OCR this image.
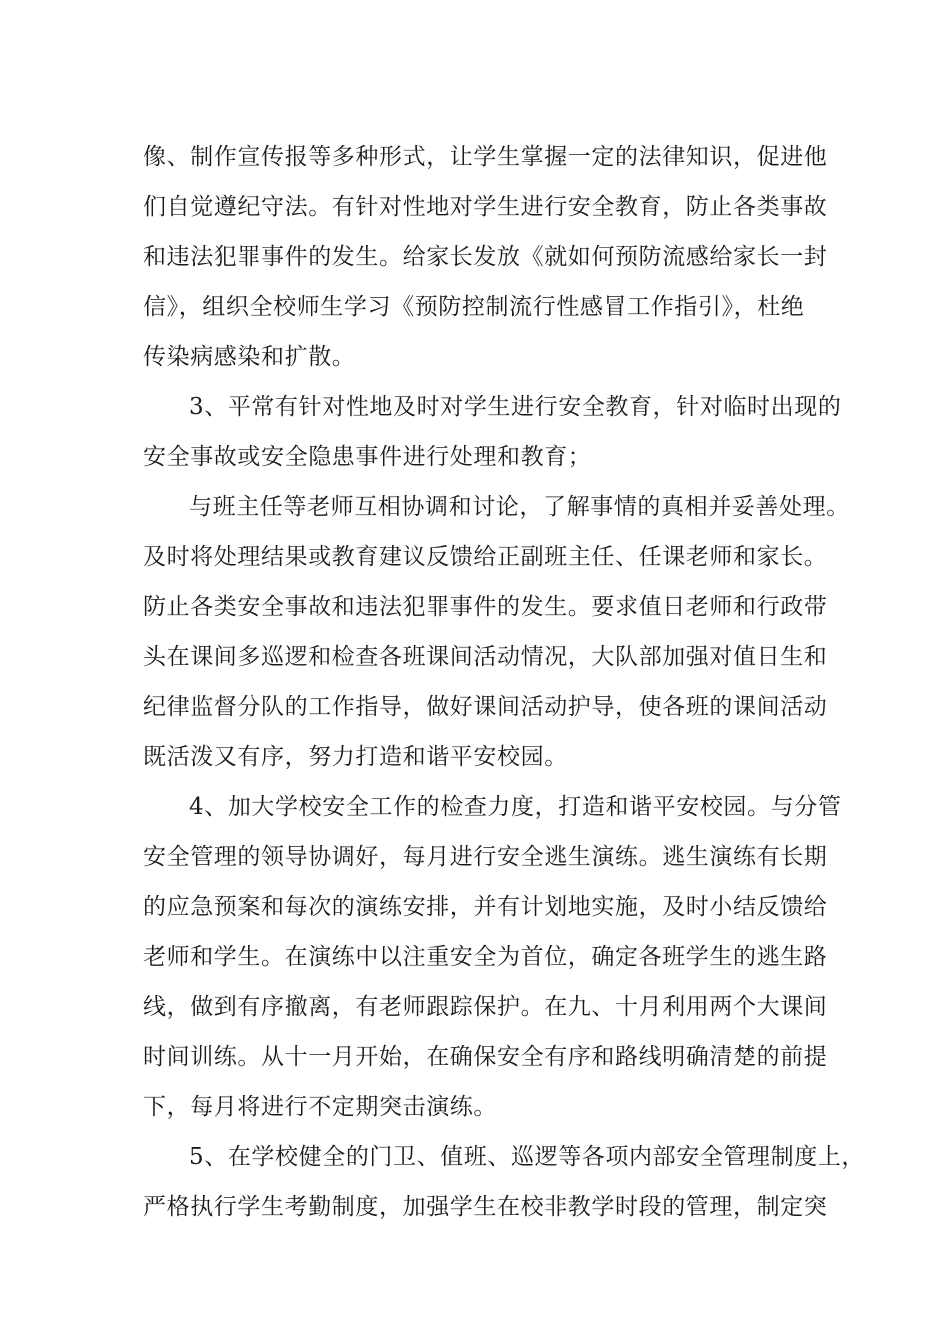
像、制作宣传报等多种形式，让学生掌握一定的法律知识，促进他
们自觉遵纪守法。有针对性地对学生进行安全教育，防止各类事故
和违法犯罪事件的发生。给家长发放《就如何预防流感给家长一封
信》，组织全校师生学习《预防控制流行性感冒工作指引》，杜绝
传染病感染和扩散。
3、平常有针对性地及时对学生进行安全教育，针对临时出现的
安全事故或安全隐患事件进行处理和教育；
与班主任等老师互相协调和讨论，了解事情的真相并妥善处理。
及时将处理结果或教育建议反馈给正副班主任、任课老师和家长。
防止各类安全事故和违法犯罪事件的发生。要求值日老师和行政带
头在课间多巡逻和检查各班课间活动情况，大队部加强对值日生和
纪律监督分队的工作指导，做好课间活动护导，使各班的课间活动
既活泼又有序，努力打造和谐平安校园。
4、加大学校安全工作的检查力度，打造和谐平安校园。与分管
安全管理的领导协调好，每月进行安全逃生演练。逃生演练有长期
的应急预案和每次的演练安排，并有计划地实施，及时小结反馈给
老师和学生。在演练中以注重安全为首位，确定各班学生的逃生路
线，做到有序撤离，有老师跟踪保护。在九、十月利用两个大课间
时间训练。从十一月开始，在确保安全有序和路线明确清楚的前提
下，每月将进行不定期突击演练。
5、在学校健全的门卫、值班、巡逻等各项内部安全管理制度上，
严格执行学生考勤制度，加强学生在校非教学时段的管理，制定突
